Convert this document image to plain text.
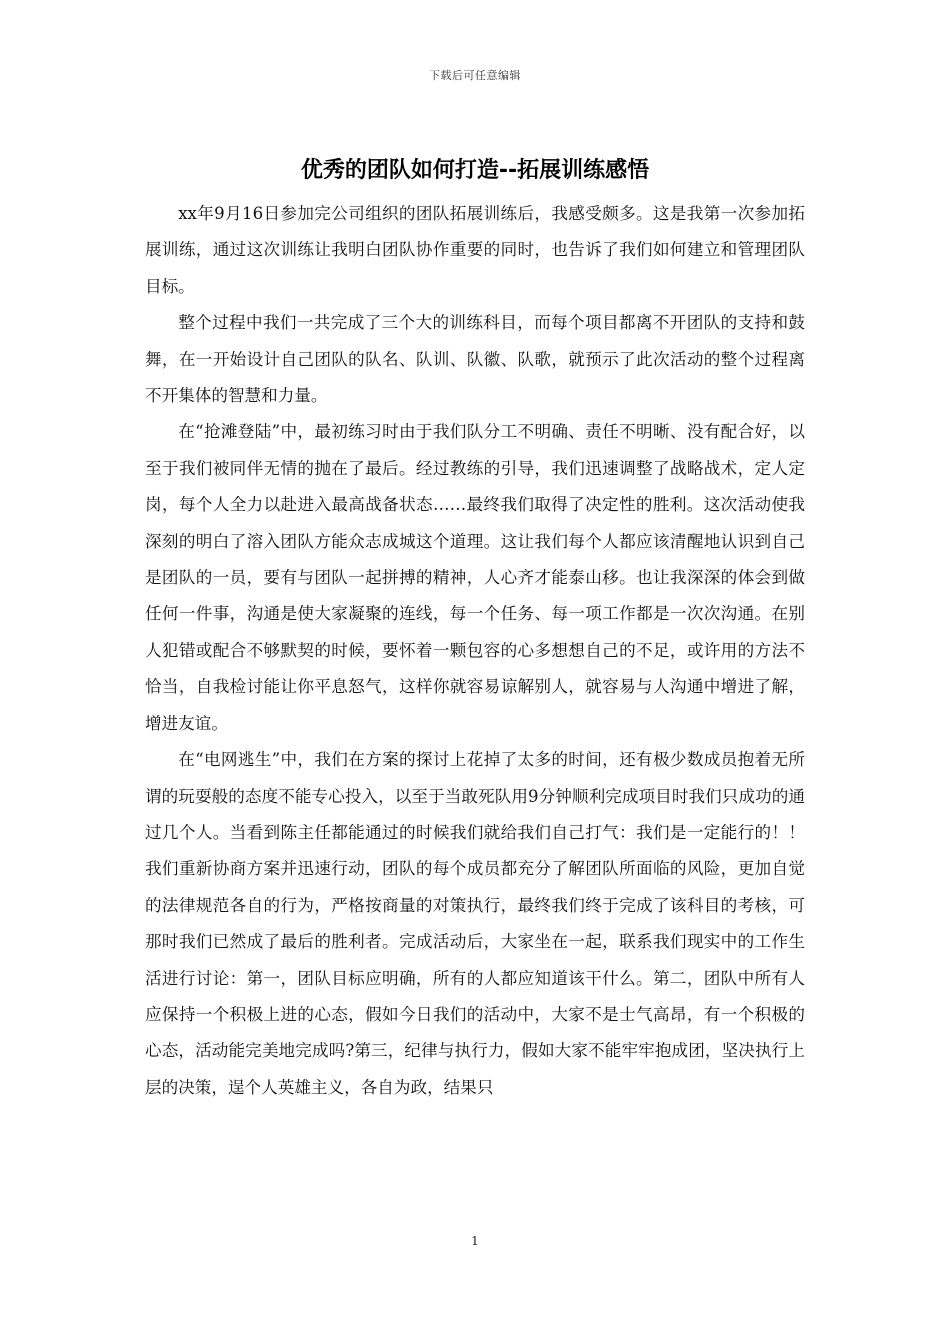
下载后可任意编辑
优秀的团队如何打造--拓展训练感悟

xx年9月16日参加完公司组织的团队拓展训练后，我感受颇多。这是我第一次参加拓展训练，通过这次训练让我明白团队协作重要的同时，也告诉了我们如何建立和管理团队目标。

整个过程中我们一共完成了三个大的训练科目，而每个项目都离不开团队的支持和鼓舞，在一开始设计自己团队的队名、队训、队徽、队歌，就预示了此次活动的整个过程离不开集体的智慧和力量。

在“抢滩登陆”中，最初练习时由于我们队分工不明确、责任不明晰、没有配合好，以至于我们被同伴无情的抛在了最后。经过教练的引导，我们迅速调整了战略战术，定人定岗，每个人全力以赴进入最高战备状态……最终我们取得了决定性的胜利。这次活动使我深刻的明白了溶入团队方能众志成城这个道理。这让我们每个人都应该清醒地认识到自己是团队的一员，要有与团队一起拼搏的精神，人心齐才能泰山移。也让我深深的体会到做任何一件事，沟通是使大家凝聚的连线，每一个任务、每一项工作都是一次次沟通。在别人犯错或配合不够默契的时候，要怀着一颗包容的心多想想自己的不足，或许用的方法不恰当，自我检讨能让你平息怒气，这样你就容易谅解别人，就容易与人沟通中增进了解，增进友谊。

在“电网逃生”中，我们在方案的探讨上花掉了太多的时间，还有极少数成员抱着无所谓的玩耍般的态度不能专心投入，以至于当敢死队用9分钟顺利完成项目时我们只成功的通过几个人。当看到陈主任都能通过的时候我们就给我们自己打气：我们是一定能行的！！我们重新协商方案并迅速行动，团队的每个成员都充分了解团队所面临的风险，更加自觉的法律规范各自的行为，严格按商量的对策执行，最终我们终于完成了该科目的考核，可那时我们已然成了最后的胜利者。完成活动后，大家坐在一起，联系我们现实中的工作生活进行讨论：第一，团队目标应明确，所有的人都应知道该干什么。第二，团队中所有人应保持一个积极上进的心态，假如今日我们的活动中，大家不是士气高昂，有一个积极的心态，活动能完美地完成吗?第三，纪律与执行力，假如大家不能牢牢抱成团，坚决执行上层的决策，逞个人英雄主义，各自为政，结果只

1
